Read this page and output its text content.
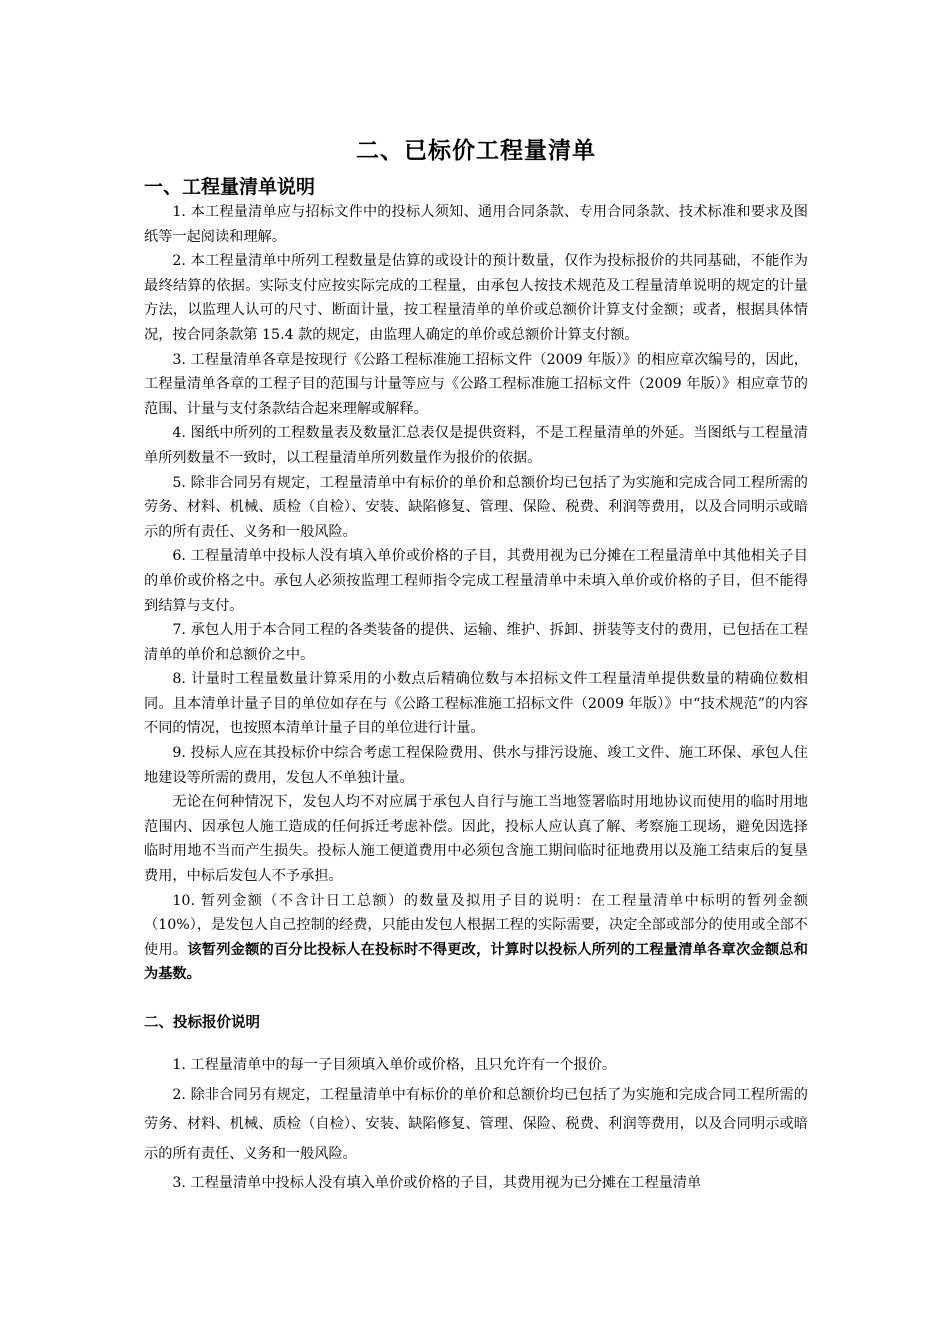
二、已标价工程量清单
一、工程量清单说明

1. 本工程量清单应与招标文件中的投标人须知、通用合同条款、专用合同条款、技术标准和要求及图纸等一起阅读和理解。

2. 本工程量清单中所列工程数量是估算的或设计的预计数量，仅作为投标报价的共同基础，不能作为最终结算的依据。实际支付应按实际完成的工程量，由承包人按技术规范及工程量清单说明的规定的计量方法，以监理人认可的尺寸、断面计量，按工程量清单的单价或总额价计算支付金额；或者，根据具体情况，按合同条款第 15.4 款的规定，由监理人确定的单价或总额价计算支付额。

3. 工程量清单各章是按现行《公路工程标准施工招标文件（2009 年版）》的相应章次编号的，因此，工程量清单各章的工程子目的范围与计量等应与《公路工程标准施工招标文件（2009 年版）》相应章节的范围、计量与支付条款结合起来理解或解释。

4. 图纸中所列的工程数量表及数量汇总表仅是提供资料，不是工程量清单的外延。当图纸与工程量清单所列数量不一致时，以工程量清单所列数量作为报价的依据。

5. 除非合同另有规定，工程量清单中有标价的单价和总额价均已包括了为实施和完成合同工程所需的劳务、材料、机械、质检（自检）、安装、缺陷修复、管理、保险、税费、利润等费用，以及合同明示或暗示的所有责任、义务和一般风险。

6. 工程量清单中投标人没有填入单价或价格的子目，其费用视为已分摊在工程量清单中其他相关子目的单价或价格之中。承包人必须按监理工程师指令完成工程量清单中未填入单价或价格的子目，但不能得到结算与支付。

7. 承包人用于本合同工程的各类装备的提供、运输、维护、拆卸、拼装等支付的费用，已包括在工程清单的单价和总额价之中。

8. 计量时工程量数量计算采用的小数点后精确位数与本招标文件工程量清单提供数量的精确位数相同。且本清单计量子目的单位如存在与《公路工程标准施工招标文件（2009 年版）》中“技术规范”的内容不同的情况，也按照本清单计量子目的单位进行计量。

9. 投标人应在其投标价中综合考虑工程保险费用、供水与排污设施、竣工文件、施工环保、承包人住地建设等所需的费用，发包人不单独计量。

无论在何种情况下，发包人均不对应属于承包人自行与施工当地签署临时用地协议而使用的临时用地范围内、因承包人施工造成的任何拆迁考虑补偿。因此，投标人应认真了解、考察施工现场，避免因选择临时用地不当而产生损失。投标人施工便道费用中必须包含施工期间临时征地费用以及施工结束后的复垦费用，中标后发包人不予承担。

10. 暂列金额（不含计日工总额）的数量及拟用子目的说明：在工程量清单中标明的暂列金额（10%），是发包人自己控制的经费，只能由发包人根据工程的实际需要，决定全部或部分的使用或全部不使用。该暂列金额的百分比投标人在投标时不得更改，计算时以投标人所列的工程量清单各章次金额总和为基数。

二、投标报价说明

1. 工程量清单中的每一子目须填入单价或价格，且只允许有一个报价。

2. 除非合同另有规定，工程量清单中有标价的单价和总额价均已包括了为实施和完成合同工程所需的劳务、材料、机械、质检（自检）、安装、缺陷修复、管理、保险、税费、利润等费用，以及合同明示或暗示的所有责任、义务和一般风险。

3. 工程量清单中投标人没有填入单价或价格的子目，其费用视为已分摊在工程量清单
